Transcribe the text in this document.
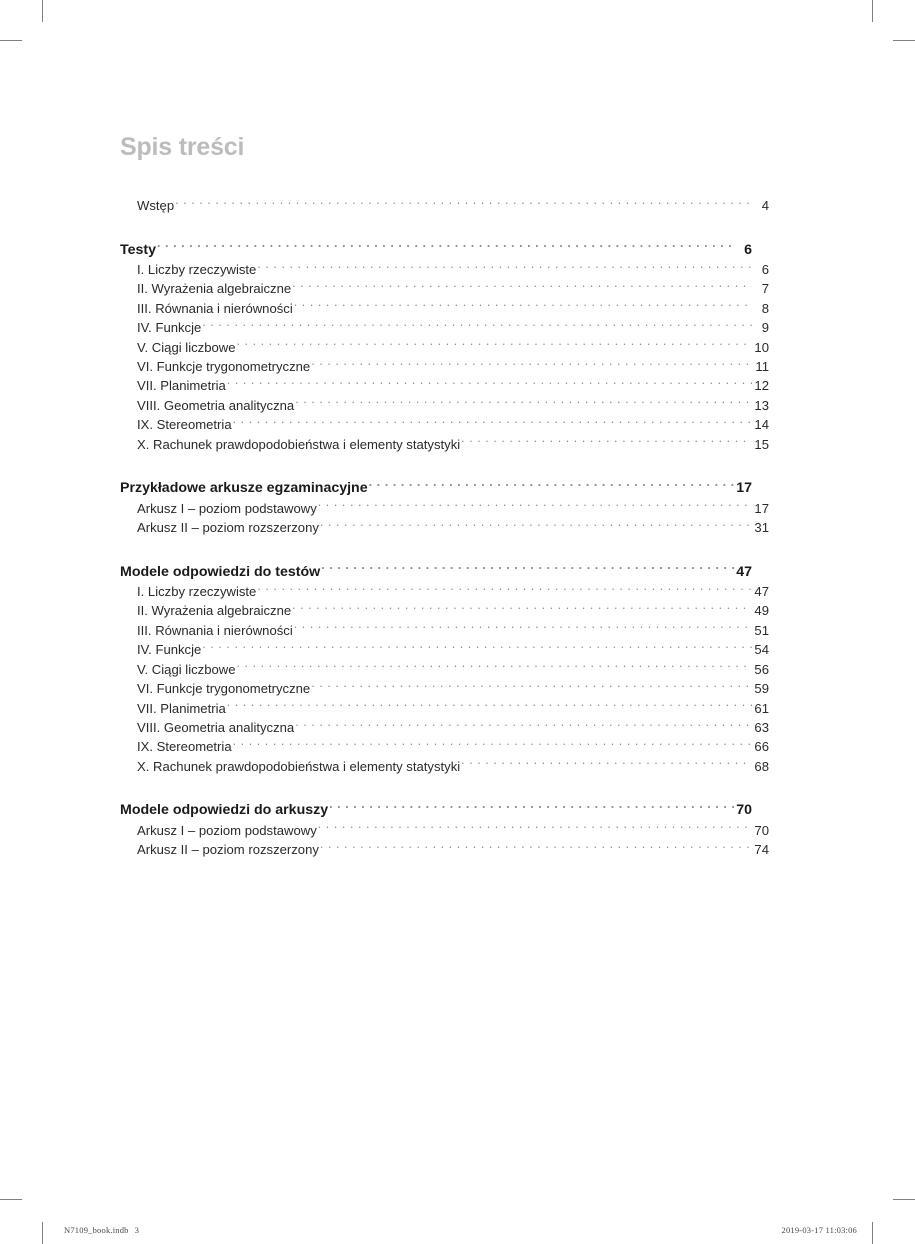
Spis treści
Wstęp . . .	4
Testy . . .	6
I. Liczby rzeczywiste . . .	6
II. Wyrażenia algebraiczne . . .	7
III. Równania i nierówności . . .	8
IV. Funkcje . . .	9
V. Ciągi liczbowe . . .	10
VI. Funkcje trygonometryczne . . .	11
VII. Planimetria . . .	12
VIII. Geometria analityczna . . .	13
IX. Stereometria . . .	14
X. Rachunek prawdopodobieństwa i elementy statystyki . . .	15
Przykładowe arkusze egzaminacyjne . . .	17
Arkusz I – poziom podstawowy . . .	17
Arkusz II – poziom rozszerzony . . .	31
Modele odpowiedzi do testów . . .	47
I. Liczby rzeczywiste . . .	47
II. Wyrażenia algebraiczne . . .	49
III. Równania i nierówności . . .	51
IV. Funkcje . . .	54
V. Ciągi liczbowe . . .	56
VI. Funkcje trygonometryczne . . .	59
VII. Planimetria . . .	61
VIII. Geometria analityczna . . .	63
IX. Stereometria . . .	66
X. Rachunek prawdopodobieństwa i elementy statystyki . . .	68
Modele odpowiedzi do arkuszy . . .	70
Arkusz I – poziom podstawowy . . .	70
Arkusz II – poziom rozszerzony . . .	74
N7109_book.indb 3	2019-03-17 11:03:06
